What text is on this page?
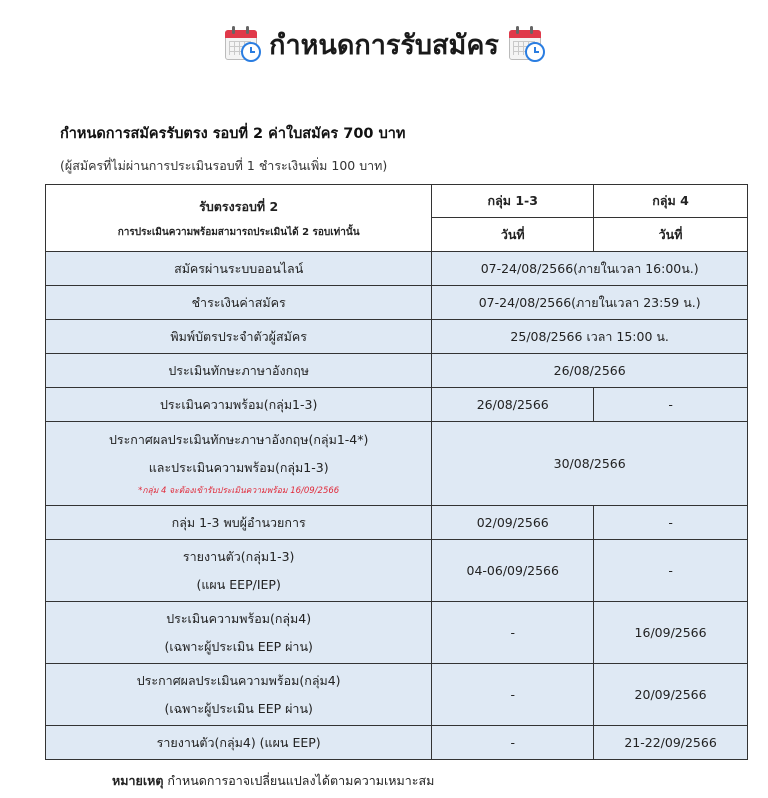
กำหนดการรับสมัคร
กำหนดการสมัครรับตรง รอบที่ 2 ค่าใบสมัคร 700 บาท
(ผู้สมัครที่ไม่ผ่านการประเมินรอบที่ 1 ชำระเงินเพิ่ม 100 บาท)
รับตรงรอบที่ 2
การประเมินความพร้อมสามารถประเมินได้ 2 รอบเท่านั้น	กลุ่ม 1-3	กลุ่ม 4
	วันที่	วันที่
สมัครผ่านระบบออนไลน์	07-24/08/2566(ภายในเวลา 16:00น.)	
ชำระเงินค่าสมัคร	07-24/08/2566(ภายในเวลา 23:59 น.)	
พิมพ์บัตรประจำตัวผู้สมัคร	25/08/2566 เวลา 15:00 น.	
ประเมินทักษะภาษาอังกฤษ	26/08/2566	
ประเมินความพร้อม(กลุ่ม1-3)	26/08/2566	-

ประกาศผลประเมินทักษะภาษาอังกฤษ(กลุ่ม1-4*)
และประเมินความพร้อม(กลุ่ม1-3)
*กลุ่ม 4 จะต้องเข้ารับประเมินความพร้อม 16/09/2566	30/08/2566	
กลุ่ม 1-3 พบผู้อำนวยการ	02/09/2566	-

รายงานตัว(กลุ่ม1-3)
(แผน EEP/IEP)	04-06/09/2566	-

ประเมินความพร้อม(กลุ่ม4)
(เฉพาะผู้ประเมิน EEP ผ่าน)	-	16/09/2566

ประกาศผลประเมินความพร้อม(กลุ่ม4)
(เฉพาะผู้ประเมิน EEP ผ่าน)	-	20/09/2566
รายงานตัว(กลุ่ม4) (แผน EEP)	-	21-22/09/2566
หมายเหตุ กำหนดการอาจเปลี่ยนแปลงได้ตามความเหมาะสม
